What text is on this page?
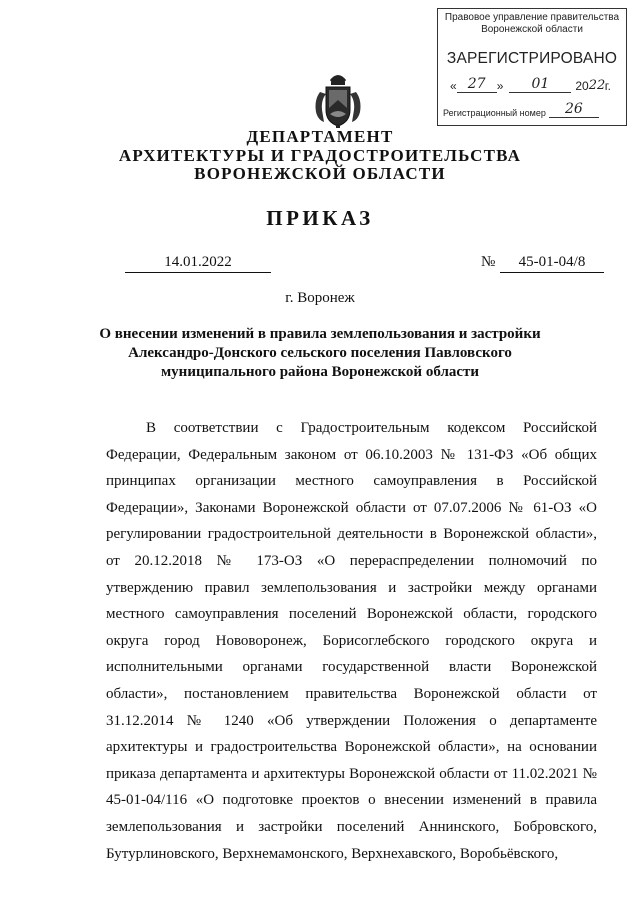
Правовое управление правительства
Воронежской области
ЗАРЕГИСТРИРОВАНО
« 27 »	01	20 22 г.
Регистрационный номер	26
ДЕПАРТАМЕНТ
АРХИТЕКТУРЫ И ГРАДОСТРОИТЕЛЬСТВА
ВОРОНЕЖСКОЙ ОБЛАСТИ
ПРИКАЗ
14.01.2022	№	45-01-04/8
г. Воронеж
О внесении изменений в правила землепользования и застройки
Александро-Донского сельского поселения Павловского
муниципального района Воронежской области

В соответствии с Градостроительным кодексом Российской Федерации, Федеральным законом от 06.10.2003 № 131-ФЗ «Об общих принципах организации местного самоуправления в Российской Федерации», Законами Воронежской области от 07.07.2006 № 61-ОЗ «О регулировании градостроительной деятельности в Воронежской области», от 20.12.2018 № 173-ОЗ «О перераспределении полномочий по утверждению правил землепользования и застройки между органами местного самоуправления поселений Воронежской области, городского округа город Нововоронеж, Борисоглебского городского округа и исполнительными органами государственной власти Воронежской области», постановлением правительства Воронежской области от 31.12.2014 № 1240 «Об утверждении Положения о департаменте архитектуры и градостроительства Воронежской области», на основании приказа департамента и архитектуры Воронежской области от 11.02.2021 № 45-01-04/116 «О подготовке проектов о внесении изменений в правила землепользования и застройки поселений Аннинского, Бобровского, Бутурлиновского, Верхнемамонского, Верхнехавского, Воробьёвского,
